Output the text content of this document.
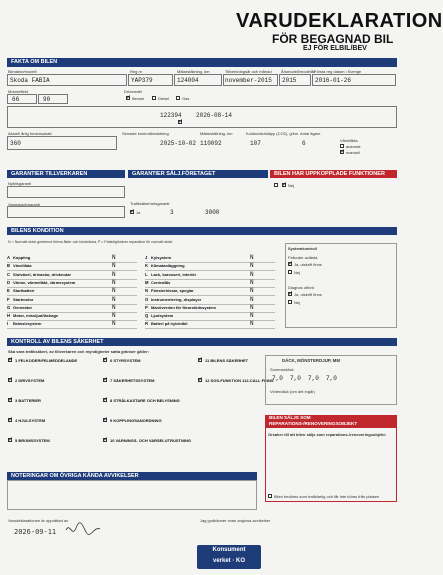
VARUDEKLARATION
FÖR BEGAGNAD BIL
EJ FÖR ELBIL/BEV
FAKTA OM BILEN
Bilmärke/modell
Skoda FABIA
Reg nr
YAP379
Mätarställning, km
124004
Tillverkningsår och månad
november-2015
Årsmodell/modellår
2015
Första reg datum i Sverige
2016-01-26
Motoreffekt
66	90
Drivmedel
✓
Bensin	Diesel	Gas
Växellåda
automat
✓
manuell
122394 2026-08-14
✓
Aktuell årlig fordonsskatt
360
Senaste kontrollbesiktning
2025-10-02
Mätarställning, km
110092
Koldioxidutsläpp (CO2), g/km
107
Antal ägare
6
GARANTIER TILLVERKAREN	GARANTIER SÄLJ.FÖRETAGET	BILEN HAR UPPKOPPLADE FUNKTIONER
Nybilsgaranti
Vagnskadegaranti	Trafiksäkerhetsgaranti
✓
Ja	3	3000
✓
Nej
BILENS KONDITION
N = Normalt skick gentemot bilens ålder och körsträcka, P = Felaktig/kräver reparation för normalt skick
A Koppling	N
B Växellåda	N
C Slutväxel, drivaxlar, drivknutar	N
D Värme, värmefläkt, värmesystem	N
E Startbatteri	N
F Startmotor	N
G Generator	N
H Motor, missljud/läckage	N
I Bränslesystem	N
J Kylsystem	N
K Klimatanläggning	N
L Lack, karosseri, interiör	N
M Centrallås	N
N Fönsterhissar, speglar	N
O Instrumentering, displayer	N
P Manöverdon för förarstödssystem	N
Q Ljudsystem	N
R Batteri på hybridbil	N
Systemkontroll
Felkoder avlästa
✓
Ja, utskrift finns
Nej
Diagnos utförd
✓
Ja, utskrift finns
Nej
KONTROLL AV BILENS SÄKERHET
Ska vara trafiksäkert, av tillverkaren och myndigheter satta gränser gäller:
✓
1 FELKODER/FELMEDDELANDE
✓
2 DRIVSYSTEM
✓
3 BATTERIER
✓
4 HJULSYSTEM
✓
5 BROMSSYSTEM
✓
6 STYRSYSTEM
✓
7 SÄKERHETSSYSTEM
✓
8 STRÅLKASTARE OCH BELYSNING
✓
9 KOPPLINGSANORDNING
✓
10 VARNINGS- OCH VARSELUTRUSTNING
✓
11 BILENS SÄKERHET
✓
12 SOS-FUNKTION 112-CALL FINNS
DÄCK, MÖNSTERDJUP, MM
Sommardäck
7,0 7,0 7,0 7,0
Vinterdäck (om det ingår)
BILEN SÄLJS SOM REPARATIONS-/RENOVERINGSOBJEKT
Orsaker till att bilen säljs som reparations-/renoveringsobjekt:
Bilen bedöms som trafikfarlig och får inte köras från platsen
NOTERINGAR OM ÖVRIGA KÄNDA AVVIKELSER
Varudeklarationen är upprättad av
2026-09-11
Jag godkänner ovan angivna avvikelser
Konsument
verket · KO
